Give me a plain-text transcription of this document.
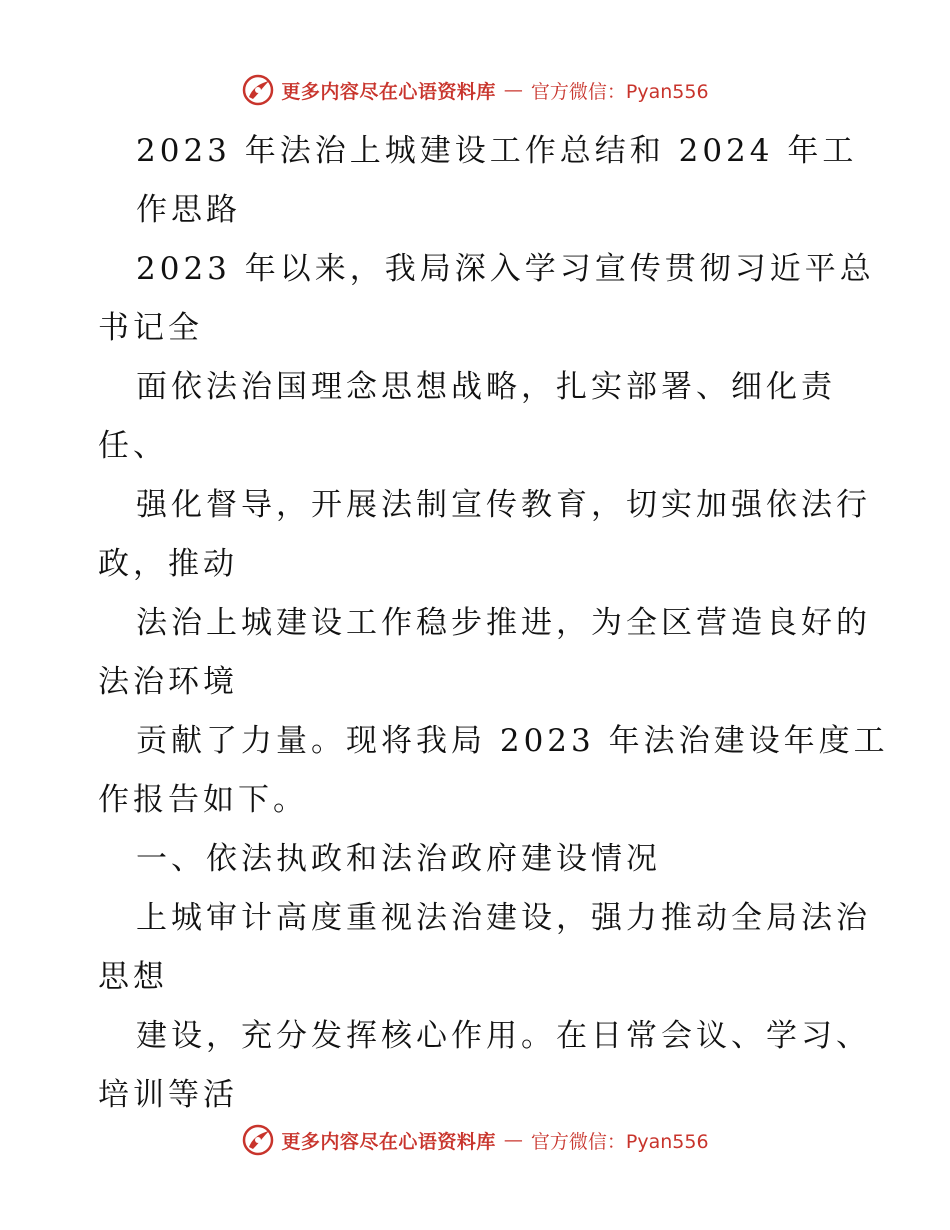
更多内容尽在心语资料库 — 官方微信：Pyan556
2023 年法治上城建设工作总结和 2024 年工
作思路
2023 年以来，我局深入学习宣传贯彻习近平总
书记全
面依法治国理念思想战略，扎实部署、细化责
任、
强化督导，开展法制宣传教育，切实加强依法行
政，推动
法治上城建设工作稳步推进，为全区营造良好的
法治环境
贡献了力量。现将我局 2023 年法治建设年度工
作报告如下。
一、依法执政和法治政府建设情况
上城审计高度重视法治建设，强力推动全局法治
思想
建设，充分发挥核心作用。在日常会议、学习、
培训等活
更多内容尽在心语资料库 — 官方微信：Pyan556
